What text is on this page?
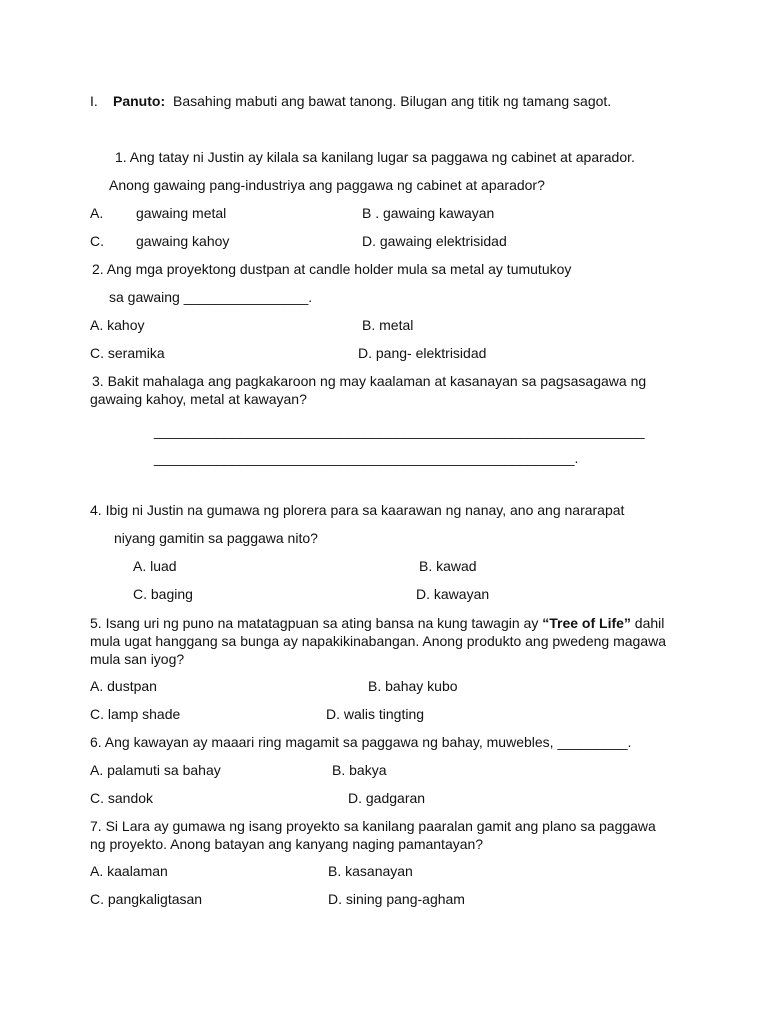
I. Panuto: Basahing mabuti ang bawat tanong. Bilugan ang titik ng tamang sagot.
1. Ang tatay ni Justin ay kilala sa kanilang lugar sa paggawa ng cabinet at aparador.
Anong gawaing pang-industriya ang paggawa ng cabinet at aparador?
A. gawaing metal	B . gawaing kawayan
C. gawaing kahoy	D. gawaing elektrisidad
2. Ang mga proyektong dustpan at candle holder mula sa metal ay tumutukoy
sa gawaing ________________.
A. kahoy	B. metal
C. seramika	D. pang- elektrisidad
3. Bakit mahalaga ang pagkakaroon ng may kaalaman at kasanayan sa pagsasagawa ng
gawaing kahoy, metal at kawayan?
_______________________________________________________________
______________________________________________________.
4. Ibig ni Justin na gumawa ng plorera para sa kaarawan ng nanay, ano ang nararapat
niyang gamitin sa paggawa nito?
A. luad	B. kawad
C. baging	D. kawayan
5. Isang uri ng puno na matatagpuan sa ating bansa na kung tawagin ay “Tree of Life” dahil mula ugat hanggang sa bunga ay napakikinabangan. Anong produkto ang pwedeng magawa mula san iyog?
A. dustpan	B. bahay kubo
C. lamp shade	D. walis tingting
6. Ang kawayan ay maaari ring magamit sa paggawa ng bahay, muwebles, _________.
A. palamuti sa bahay	B. bakya
C. sandok	D. gadgaran
7. Si Lara ay gumawa ng isang proyekto sa kanilang paaralan gamit ang plano sa paggawa ng proyekto. Anong batayan ang kanyang naging pamantayan?
A. kaalaman	B. kasanayan
C. pangkaligtasan	D. sining pang-agham
